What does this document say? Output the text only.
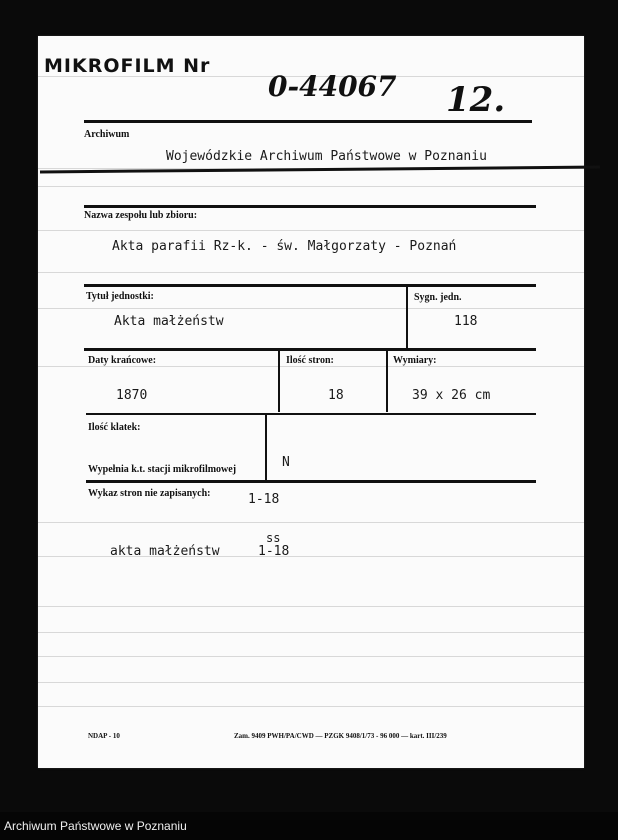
MIKROFILM Nr
0-44067 12.
Archiwum
Wojewódzkie Archiwum Państwowe w Poznaniu
Nazwa zespołu lub zbioru:
Akta parafii Rz-k. - św. Małgorzaty - Poznań
Tytuł jednostki:
Akta małżeństw
Sygn. jedn.
118
Daty krańcowe:
1870
Ilość stron:
18
Wymiary:
39 x 26 cm
Ilość klatek:
Wypełnia k.t. stacji mikrofilmowej	N
Wykaz stron nie zapisanych:	1-18
ss
akta małżeństw	1-18
NDAP - 10	Zam. 9409 PWH/PA/CWD — PZGK 9408/1/73 - 96 000 — kart. III/239
Archiwum Państwowe w Poznaniu
